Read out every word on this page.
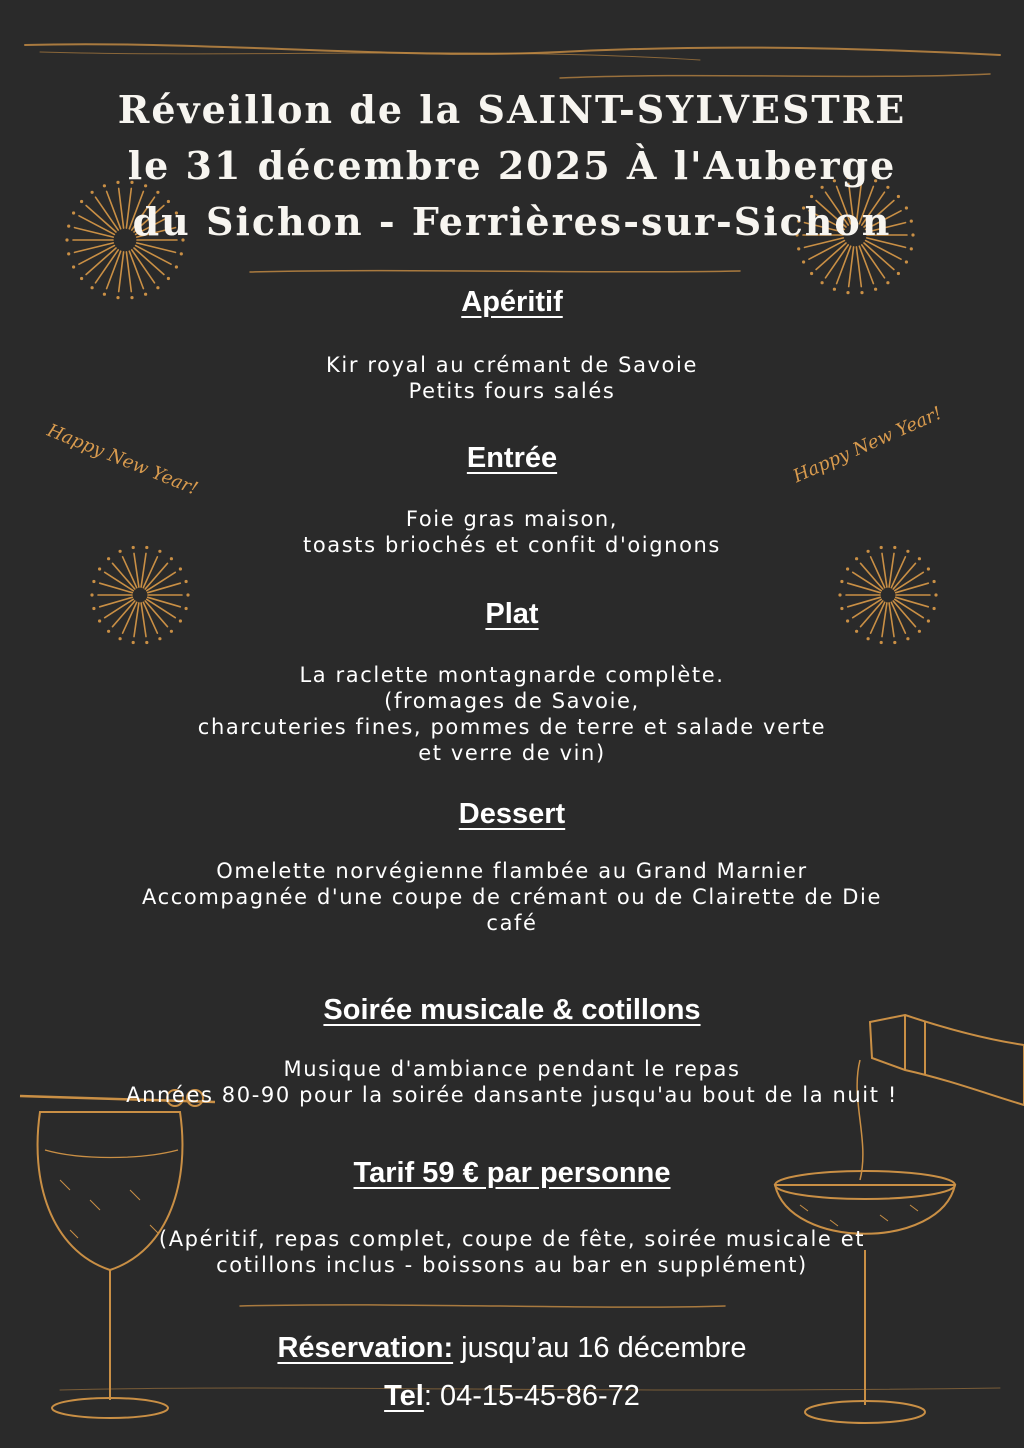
Happy New Year!	Happy New Year!
Réveillon de la SAINT-SYLVESTRE
le 31 décembre 2025 À l'Auberge
du Sichon - Ferrières-sur-Sichon
Apéritif
Kir royal au crémant de Savoie
Petits fours salés
Entrée
Foie gras maison,
toasts briochés et confit d'oignons
Plat
La raclette montagnarde complète.
(fromages de Savoie,
charcuteries fines, pommes de terre et salade verte
et verre de vin)
Dessert
Omelette norvégienne flambée au Grand Marnier
Accompagnée d'une coupe de crémant ou de Clairette de Die
café
Soirée musicale & cotillons
Musique d'ambiance pendant le repas
Années 80-90 pour la soirée dansante jusqu'au bout de la nuit !
Tarif 59 € par personne
(Apéritif, repas complet, coupe de fête, soirée musicale et
cotillons inclus - boissons au bar en supplément)
Réservation: jusqu’au 16 décembre
Tel: 04-15-45-86-72
